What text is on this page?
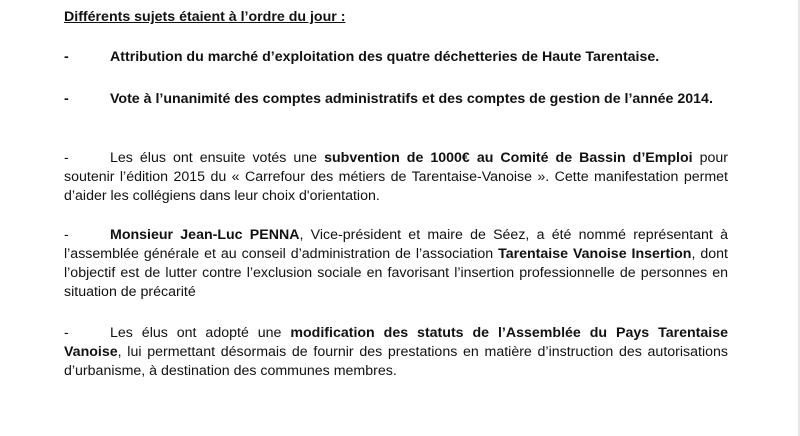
Différents sujets étaient à l’ordre du jour :
-	Attribution du marché d’exploitation des quatre déchetteries de Haute Tarentaise.
-	Vote à l’unanimité des comptes administratifs et des comptes de gestion de l’année 2014.
-	Les élus ont ensuite votés une subvention de 1000€ au Comité de Bassin d’Emploi pour soutenir l’édition 2015 du « Carrefour des métiers de Tarentaise-Vanoise ». Cette manifestation permet d’aider les collégiens dans leur choix d'orientation.
-	Monsieur Jean-Luc PENNA, Vice-président et maire de Séez, a été nommé représentant à l’assemblée générale et au conseil d’administration de l’association Tarentaise Vanoise Insertion, dont l’objectif est de lutter contre l’exclusion sociale en favorisant l’insertion professionnelle de personnes en situation de précarité
-	Les élus ont adopté une modification des statuts de l’Assemblée du Pays Tarentaise Vanoise, lui permettant désormais de fournir des prestations en matière d’instruction des autorisations d’urbanisme, à destination des communes membres.
